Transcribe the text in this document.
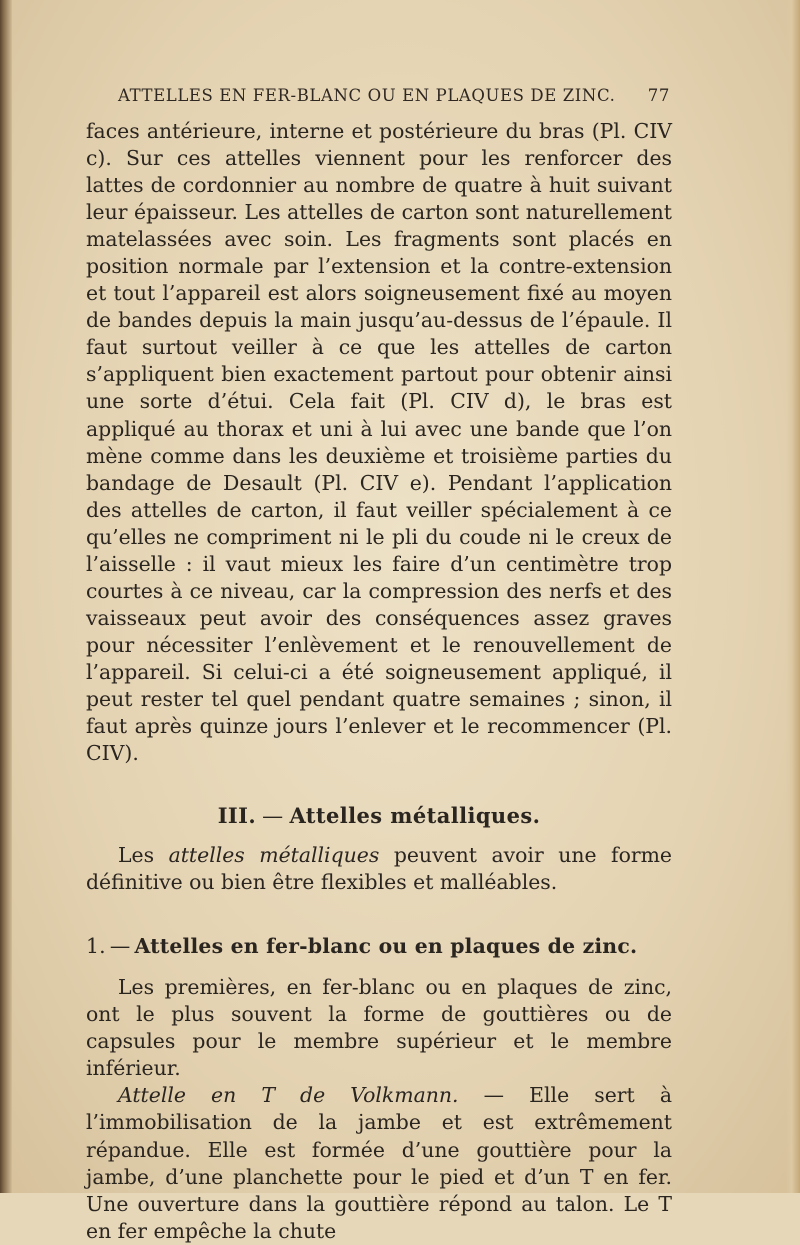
ATTELLES EN FER-BLANC OU EN PLAQUES DE ZINC. 77

faces antérieure, interne et postérieure du bras (Pl. CIV c). Sur ces attelles viennent pour les renforcer des lattes de cordonnier au nombre de quatre à huit suivant leur épaisseur. Les attelles de carton sont naturellement matelassées avec soin. Les fragments sont placés en position normale par l’extension et la contre-extension et tout l’appareil est alors soigneusement fixé au moyen de bandes depuis la main jusqu’au-dessus de l’épaule. Il faut surtout veiller à ce que les attelles de carton s’appliquent bien exactement partout pour obtenir ainsi une sorte d’étui. Cela fait (Pl. CIV d), le bras est appliqué au thorax et uni à lui avec une bande que l’on mène comme dans les deuxième et troisième parties du bandage de Desault (Pl. CIV e). Pendant l’application des attelles de carton, il faut veiller spécialement à ce qu’elles ne compriment ni le pli du coude ni le creux de l’aisselle : il vaut mieux les faire d’un centimètre trop courtes à ce niveau, car la compression des nerfs et des vaisseaux peut avoir des conséquences assez graves pour nécessiter l’enlèvement et le renouvellement de l’appareil. Si celui-ci a été soigneusement appliqué, il peut rester tel quel pendant quatre semaines ; sinon, il faut après quinze jours l’enlever et le recommencer (Pl. CIV).

III. — Attelles métalliques.

Les attelles métalliques peuvent avoir une forme définitive ou bien être flexibles et malléables.

1. — Attelles en fer-blanc ou en plaques de zinc.

Les premières, en fer-blanc ou en plaques de zinc, ont le plus souvent la forme de gouttières ou de capsules pour le membre supérieur et le membre inférieur.

Attelle en T de Volkmann. — Elle sert à l’immobilisation de la jambe et est extrêmement répandue. Elle est formée d’une gouttière pour la jambe, d’une planchette pour le pied et d’un T en fer. Une ouverture dans la gouttière répond au talon. Le T en fer empêche la chute
